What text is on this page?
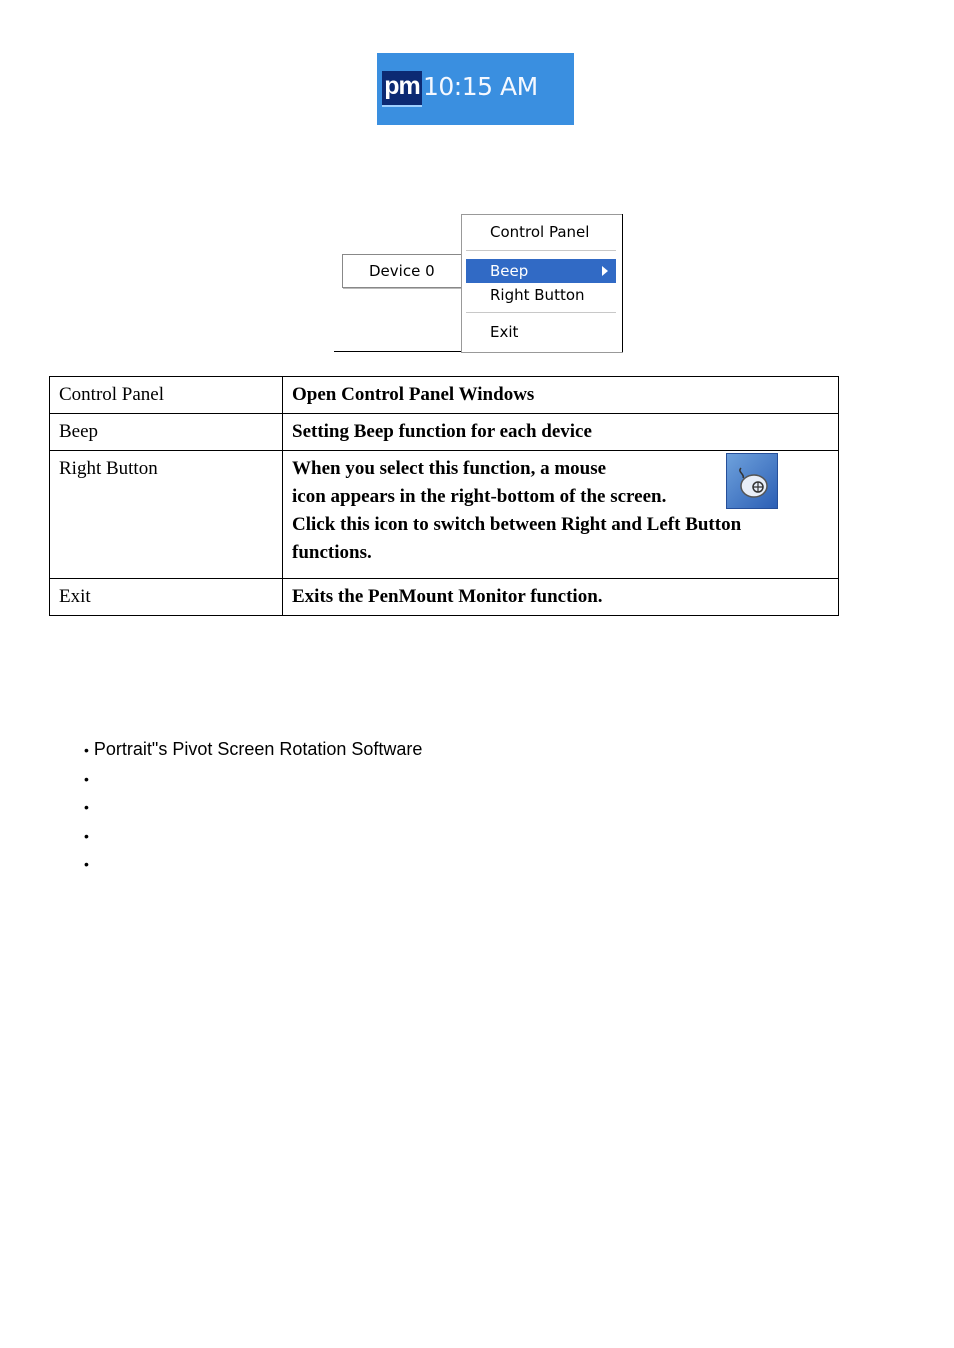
pm 10:15 AM
Device 0
Control Panel
Beep
Right Button
Exit
Control Panel	Open Control Panel Windows
Beep	Setting Beep function for each device
Right Button	When you select this function, a mouse
icon appears in the right-bottom of the screen.
Click this icon to switch between Right and Left Button
functions.

Exit	Exits the PenMount Monitor function.
• Portrait"s Pivot Screen Rotation Software
•
•
•
•
